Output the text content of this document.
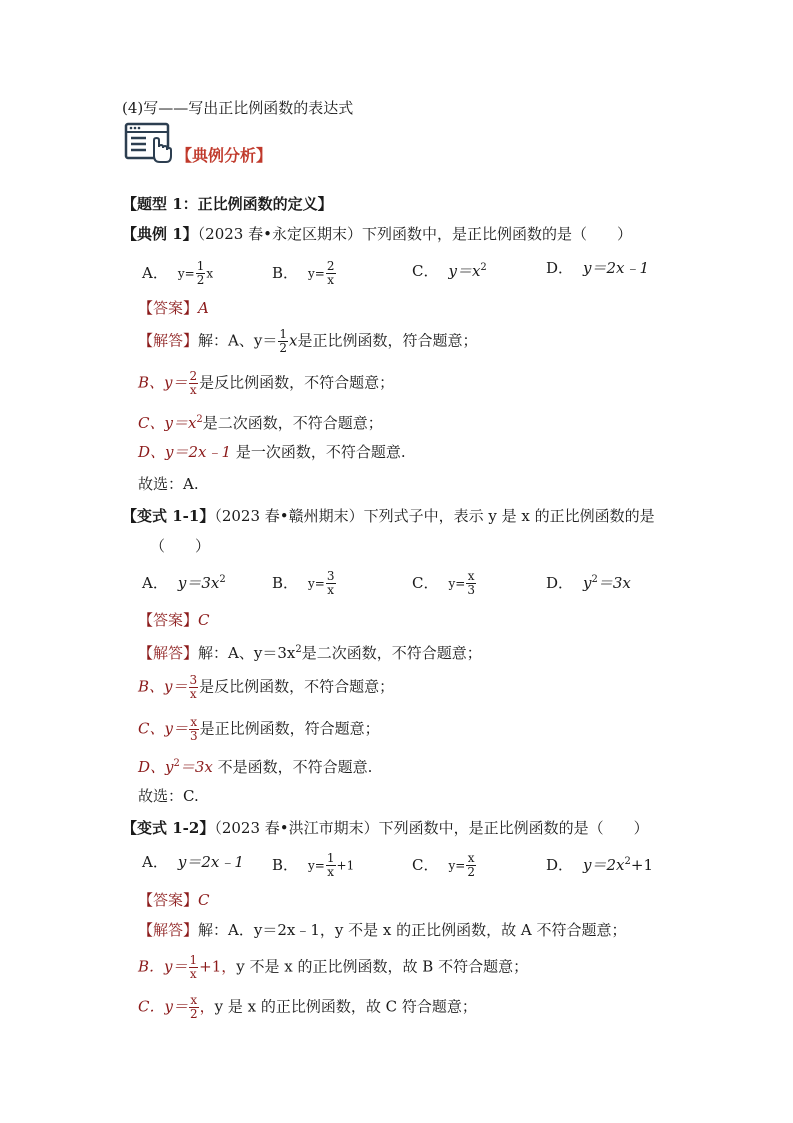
(4)写——写出正比例函数的表达式
【典例分析】
【题型 1：正比例函数的定义】
【典例 1】（2023 春•永定区期末）下列函数中，是正比例函数的是（　　）
A． $y= \frac{1}{2}$ x	B． $y= \frac{2}{x}$	C． $y=x^2$	D． y＝2x﹣1
【答案】A
【解答】解：A、$y= \frac{1}{2}$ x是正比例函数，符合题意；
B、$y= \frac{2}{x}$ 是反比例函数，不符合题意；
C、$y=x^2$是二次函数，不符合题意；
D、y＝2x﹣1 是一次函数，不符合题意.
故选：A.
【变式 1-1】（2023 春•赣州期末）下列式子中，表示 y 是 x 的正比例函数的是
（　　）
A． $y=3x^2$	B． $y= \frac{3}{x}$	C． $y= \frac{x}{3}$	D． $y^2=3x$
【答案】C
【解答】解：A、$y=3x^2$是二次函数，不符合题意；
B、$y= \frac{3}{x}$ 是反比例函数，不符合题意；
C、$y= \frac{x}{3}$ 是正比例函数，符合题意；
D、$y^2=3x$ 不是函数，不符合题意.
故选：C.
【变式 1-2】（2023 春•洪江市期末）下列函数中，是正比例函数的是（　　）
A． y＝2x﹣1 B． $y= \frac{1}{x} +1$	C． $y= \frac{x}{2}$	D． $y=2x^2+1$
【答案】C
【解答】解：A．y＝2x﹣1，y 不是 x 的正比例函数，故 A 不符合题意；
B．$y= \frac{1}{x} +1$，y 不是 x 的正比例函数，故 B 不符合题意；
C．$y= \frac{x}{2}$ ，y 是 x 的正比例函数，故 C 符合题意；
